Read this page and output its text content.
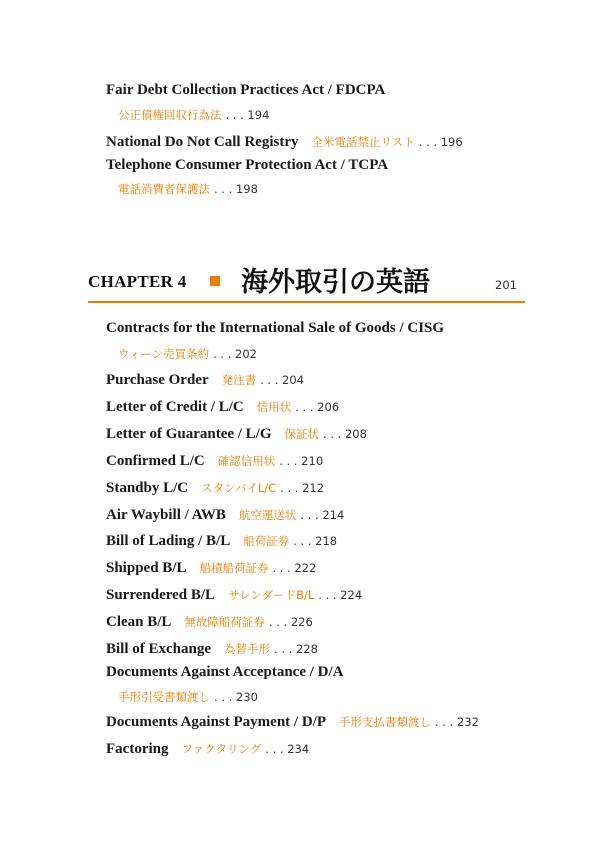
Fair Debt Collection Practices Act / FDCPA
公正債権回収行為法 . . . 194
National Do Not Call Registry 全米電話禁止リスト . . . 196
Telephone Consumer Protection Act / TCPA
電話消費者保護法 . . . 198
CHAPTER 4 海外取引の英語	201
Contracts for the International Sale of Goods / CISG
ウィーン売買条約 . . . 202
Purchase Order 発注書 . . . 204
Letter of Credit / L/C 信用状 . . . 206
Letter of Guarantee / L/G 保証状 . . . 208
Confirmed L/C 確認信用状 . . . 210
Standby L/C スタンバイL/C . . . 212
Air Waybill / AWB 航空運送状 . . . 214
Bill of Lading / B/L 船荷証券 . . . 218
Shipped B/L 船積船荷証券 . . . 222
Surrendered B/L サレンダードB/L . . . 224
Clean B/L 無故障船荷証券 . . . 226
Bill of Exchange 為替手形 . . . 228
Documents Against Acceptance / D/A
手形引受書類渡し . . . 230
Documents Against Payment / D/P 手形支払書類渡し . . . 232
Factoring ファクタリング . . . 234
